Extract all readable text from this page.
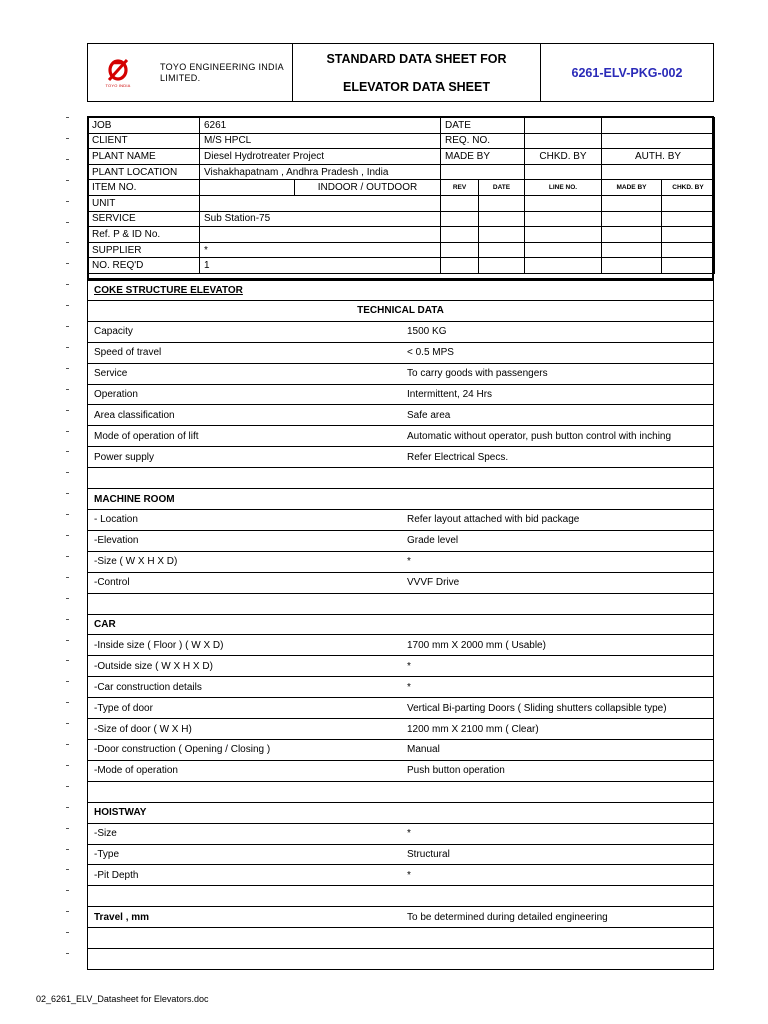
TOYO INDIA
TOYO ENGINEERING INDIA
LIMITED.
STANDARD DATA SHEET FOR
ELEVATOR DATA SHEET
6261-ELV-PKG-002
JOB	6261		DATE				
CLIENT	M/S HPCL		REQ. NO.				
PLANT NAME	Diesel Hydrotreater Project		MADE BY		CHKD. BY	AUTH. BY	
PLANT LOCATION	Vishakhapatnam , Andhra Pradesh , India						
ITEM NO.		INDOOR / OUTDOOR	REV	DATE	LINE NO.	MADE BY	CHKD. BY
UNIT							
SERVICE	Sub Station-75						
Ref. P & ID No.							
SUPPLIER	*						
NO. REQ'D	1						
COKE STRUCTURE ELEVATOR
TECHNICAL DATA
Capacity	1500 KG
Speed of travel	< 0.5 MPS
Service	To carry goods with passengers
Operation	Intermittent, 24 Hrs
Area classification	Safe area
Mode of operation of lift	Automatic without operator, push button control with inching
Power supply	Refer Electrical Specs.
MACHINE ROOM
- Location	Refer layout attached with bid package
-Elevation	Grade level
-Size ( W X H X D)	*
-Control	VVVF Drive
CAR
-Inside size ( Floor ) ( W X D)	1700 mm X 2000 mm ( Usable)
-Outside size ( W X H X D)	*
-Car construction details	*
-Type of door	Vertical Bi-parting Doors ( Sliding shutters collapsible type)
-Size of door ( W X H)	1200 mm X 2100 mm ( Clear)
-Door construction ( Opening / Closing )	Manual
-Mode of operation	Push button operation
HOISTWAY
-Size	*
-Type	Structural
-Pit Depth	*
Travel , mm	To be determined during detailed engineering
02_6261_ELV_Datasheet for Elevators.doc
